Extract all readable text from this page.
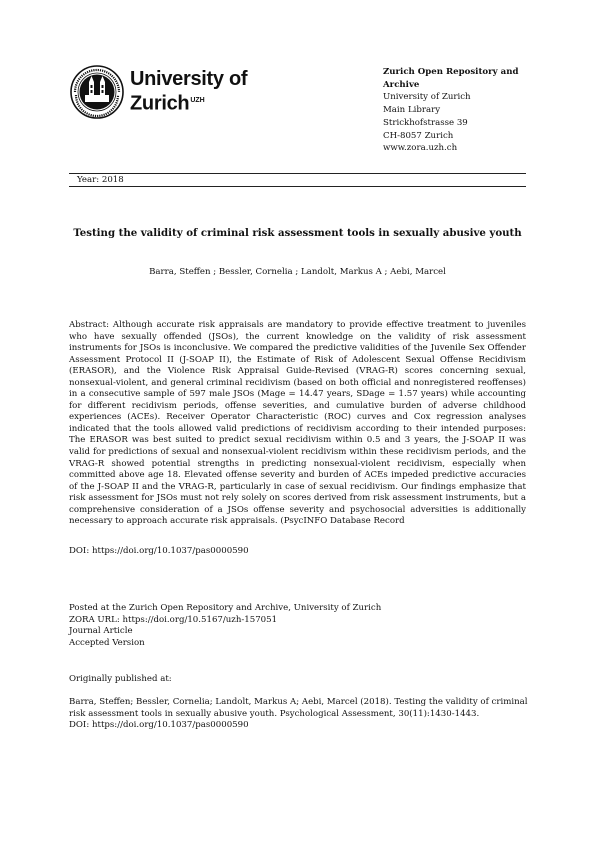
University of
Zurich$^{UZH}$
Zurich Open Repository and
Archive
University of Zurich
Main Library
Strickhofstrasse 39
CH-8057 Zurich
www.zora.uzh.ch
Year: 2018
Testing the validity of criminal risk assessment tools in sexually abusive youth
Barra, Steffen ; Bessler, Cornelia ; Landolt, Markus A ; Aebi, Marcel
Abstract: Although accurate risk appraisals are mandatory to provide effective treatment to juveniles who have sexually offended (JSOs), the current knowledge on the validity of risk assessment instruments for JSOs is inconclusive. We compared the predictive validities of the Juvenile Sex Offender Assessment Protocol II (J-SOAP II), the Estimate of Risk of Adolescent Sexual Offense Recidivism (ERASOR), and the Violence Risk Appraisal Guide-Revised (VRAG-R) scores concerning sexual, nonsexual-violent, and general criminal recidivism (based on both official and nonregistered reoffenses) in a consecutive sample of 597 male JSOs (Mage = 14.47 years, SDage = 1.57 years) while accounting for different recidivism periods, offense severities, and cumulative burden of adverse childhood experiences (ACEs). Receiver Operator Characteristic (ROC) curves and Cox regression analyses indicated that the tools allowed valid predictions of recidivism according to their intended purposes: The ERASOR was best suited to predict sexual recidivism within 0.5 and 3 years, the J-SOAP II was valid for predictions of sexual and nonsexual-violent recidivism within these recidivism periods, and the VRAG-R showed potential strengths in predicting nonsexual-violent recidivism, especially when committed above age 18. Elevated offense severity and burden of ACEs impeded predictive accuracies of the J-SOAP II and the VRAG-R, particularly in case of sexual recidivism. Our findings emphasize that risk assessment for JSOs must not rely solely on scores derived from risk assessment instruments, but a comprehensive consideration of a JSOs offense severity and psychosocial adversities is additionally necessary to approach accurate risk appraisals. (PsycINFO Database Record
DOI: https://doi.org/10.1037/pas0000590
Posted at the Zurich Open Repository and Archive, University of Zurich
ZORA URL: https://doi.org/10.5167/uzh-157051
Journal Article
Accepted Version
Originally published at:
Barra, Steffen; Bessler, Cornelia; Landolt, Markus A; Aebi, Marcel (2018). Testing the validity of criminal
risk assessment tools in sexually abusive youth. Psychological Assessment, 30(11):1430-1443.
DOI: https://doi.org/10.1037/pas0000590
